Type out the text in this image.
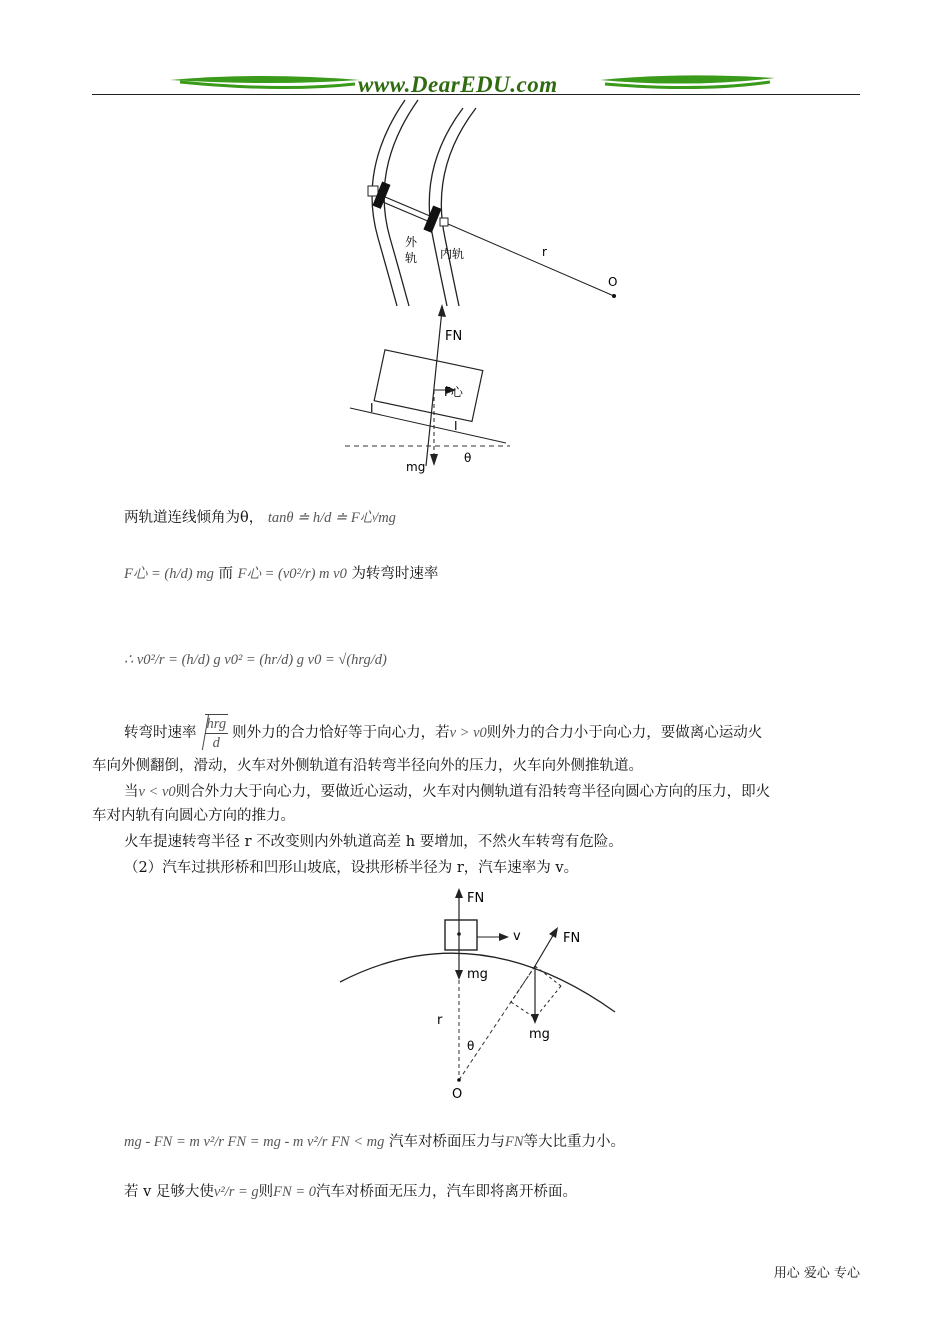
www.DearEDU.com
外
轨 内轨	r
O
FN
F心
mg
θ
I
I
两轨道连线倾角为θ， tanθ ≐ h/d ≐ F心/mg
F心 = (h/d) mg 而 F心 = (v0²/r) m v0 为转弯时速率
∴ v0²/r = (h/d) g v0² = (hr/d) g v0 = √(hrg/d)
转弯时速率 $\frac{\text{hrg}}{d}$ 则外力的合力恰好等于向心力，若v > v0则外力的合力小于向心力，要做离心运动火
车向外侧翻倒，滑动，火车对外侧轨道有沿转弯半径向外的压力，火车向外侧推轨道。
当v < v0则合外力大于向心力，要做近心运动，火车对内侧轨道有沿转弯半径向圆心方向的压力，即火
车对内轨有向圆心方向的推力。
火车提速转弯半径 r 不改变则内外轨道高差 h 要增加，不然火车转弯有危险。
（2）汽车过拱形桥和凹形山坡底，设拱形桥半径为 r，汽车速率为 v。
FN
v
mg
FN
mg
r
θ
O
mg - FN = m v²/r FN = mg - m v²/r FN < mg 汽车对桥面压力与FN等大比重力小。
若 v 足够大使v²/r = g则FN = 0汽车对桥面无压力，汽车即将离开桥面。
用心 爱心 专心
